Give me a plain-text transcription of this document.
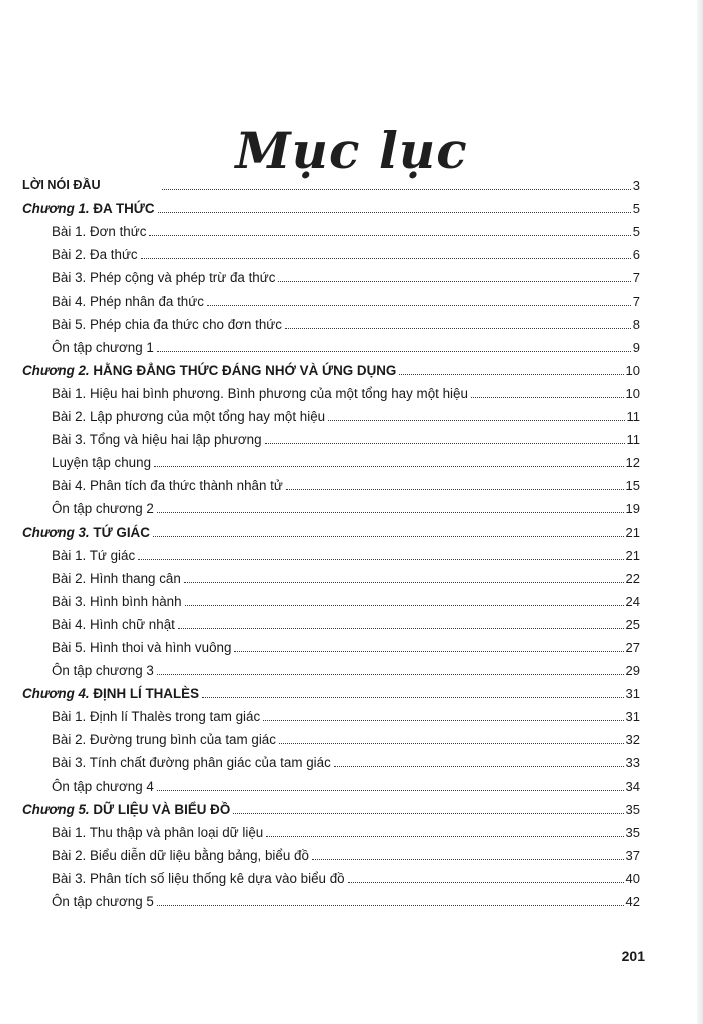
Mục lục
LỜI NÓI ĐẦU	3
Chương 1. ĐA THỨC	5
Bài 1. Đơn thức	5
Bài 2. Đa thức	6
Bài 3. Phép cộng và phép trừ đa thức	7
Bài 4. Phép nhân đa thức	7
Bài 5. Phép chia đa thức cho đơn thức	8
Ôn tập chương 1	9
Chương 2. HẰNG ĐẲNG THỨC ĐÁNG NHỚ VÀ ỨNG DỤNG	10
Bài 1. Hiệu hai bình phương. Bình phương của một tổng hay một hiệu	10
Bài 2. Lập phương của một tổng hay một hiệu	11
Bài 3. Tổng và hiệu hai lập phương	11
Luyện tập chung	12
Bài 4. Phân tích đa thức thành nhân tử	15
Ôn tập chương 2	19
Chương 3. TỨ GIÁC	21
Bài 1. Tứ giác	21
Bài 2. Hình thang cân	22
Bài 3. Hình bình hành	24
Bài 4. Hình chữ nhật	25
Bài 5. Hình thoi và hình vuông	27
Ôn tập chương 3	29
Chương 4. ĐỊNH LÍ THALÈS	31
Bài 1. Định lí Thalès trong tam giác	31
Bài 2. Đường trung bình của tam giác	32
Bài 3. Tính chất đường phân giác của tam giác	33
Ôn tập chương 4	34
Chương 5. DỮ LIỆU VÀ BIỂU ĐỒ	35
Bài 1. Thu thập và phân loại dữ liệu	35
Bài 2. Biểu diễn dữ liệu bằng bảng, biểu đồ	37
Bài 3. Phân tích số liệu thống kê dựa vào biểu đồ	40
Ôn tập chương 5	42
201
